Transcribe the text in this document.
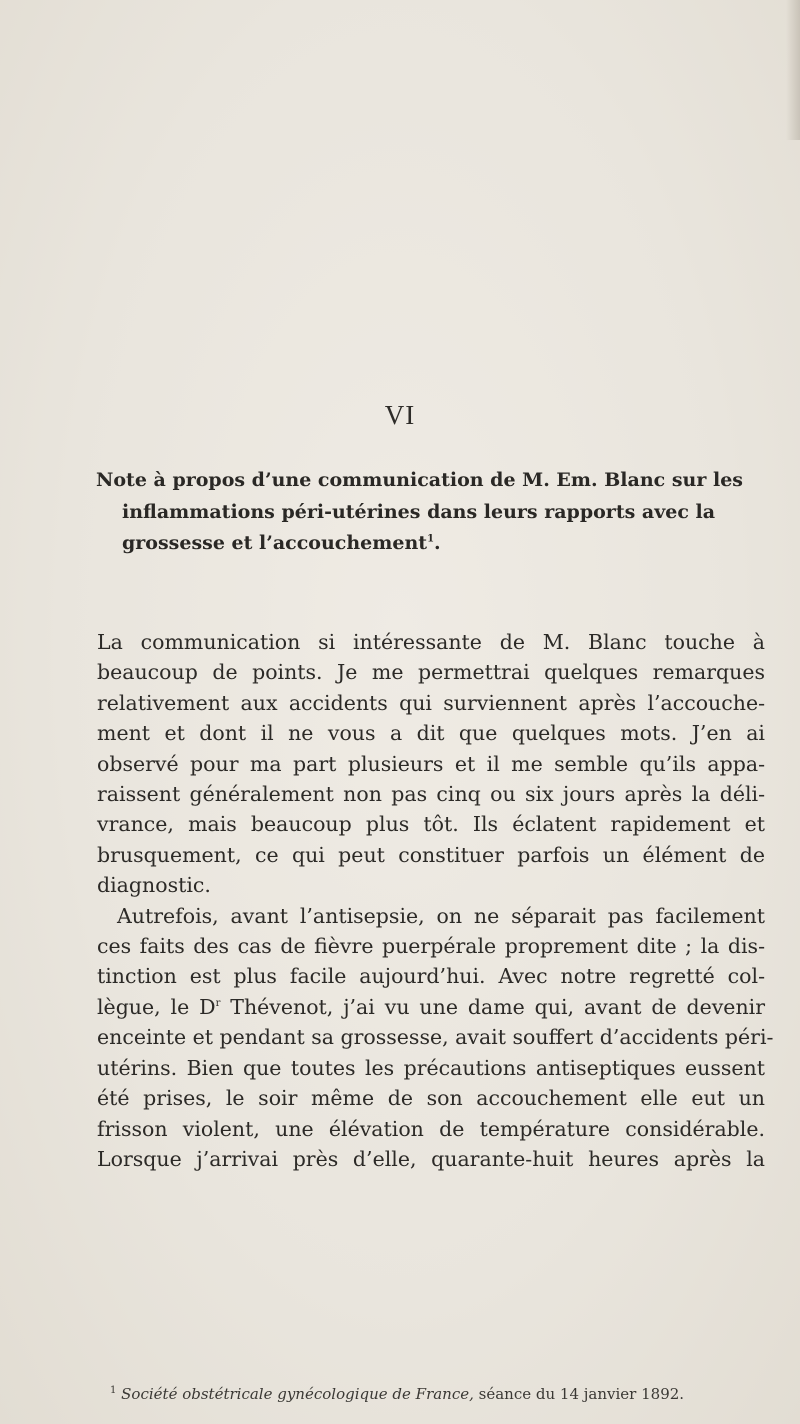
VI
Note à propos d’une communication de M. Em. Blanc sur les
inflammations péri-utérines dans leurs rapports avec la
grossesse et l’accouchement$^1$.

La communication si intéressante de M. Blanc touche à
beaucoup de points. Je me permettrai quelques remarques
relativement aux accidents qui surviennent après l’accouche-
ment et dont il ne vous a dit que quelques mots. J’en ai
observé pour ma part plusieurs et il me semble qu’ils appa-
raissent généralement non pas cinq ou six jours après la déli-
vrance, mais beaucoup plus tôt. Ils éclatent rapidement et
brusquement, ce qui peut constituer parfois un élément de
diagnostic.

Autrefois, avant l’antisepsie, on ne séparait pas facilement
ces faits des cas de fièvre puerpérale proprement dite ; la dis-
tinction est plus facile aujourd’hui. Avec notre regretté col-
lègue, le $D^r$ Thévenot, j’ai vu une dame qui, avant de devenir
enceinte et pendant sa grossesse, avait souffert d’accidents péri-
utérins. Bien que toutes les précautions antiseptiques eussent
été prises, le soir même de son accouchement elle eut un
frisson violent, une élévation de température considérable.
Lorsque j’arrivai près d’elle, quarante-huit heures après la

$^1$ Société obstétricale gynécologique de France, séance du 14 janvier 1892.
